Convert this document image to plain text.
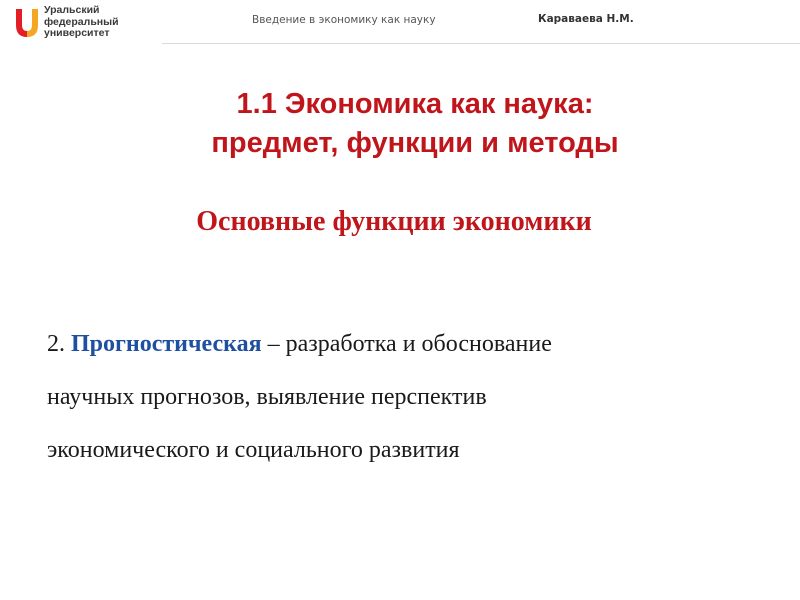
Уральский
федеральный
университет
Введение в экономику как науку	Караваева Н.М.
1.1 Экономика как наука:
предмет, функции и методы
Основные функции экономики
2. Прогностическая – разработка и обоснование
научных прогнозов, выявление перспектив
экономического и социального развития
